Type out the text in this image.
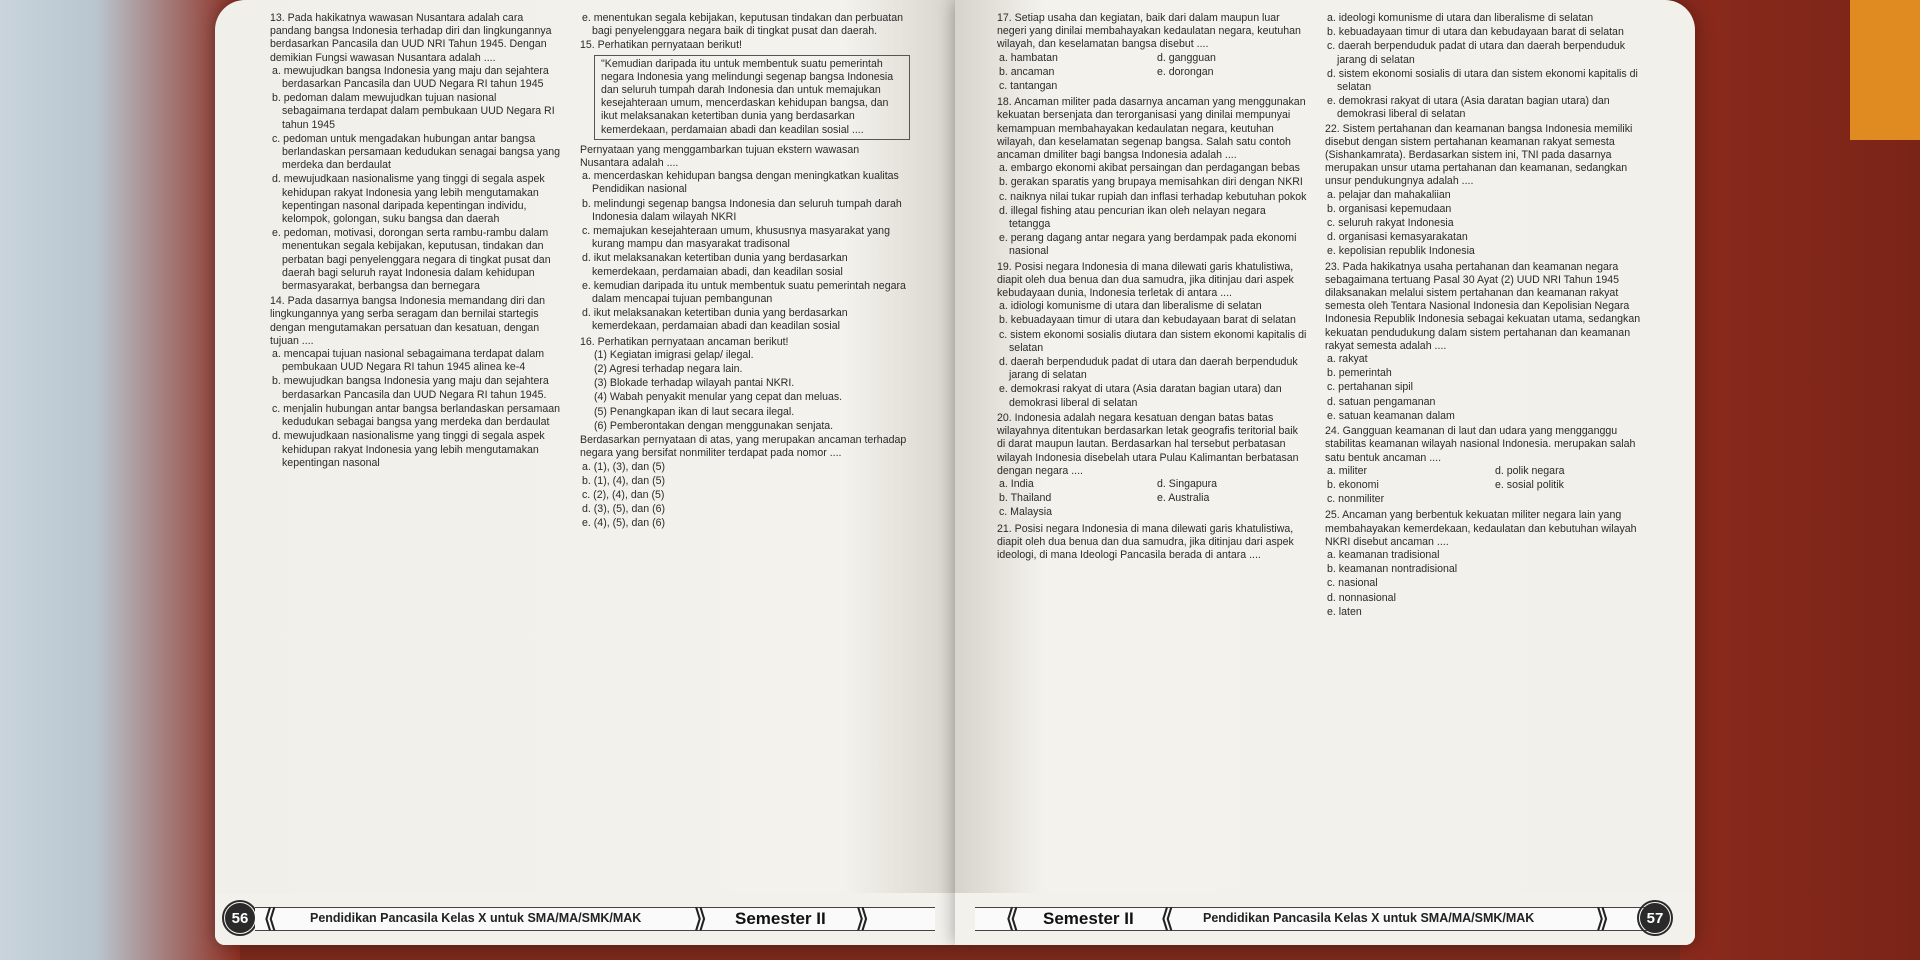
13. Pada hakikatnya wawasan Nusantara adalah cara pandang bangsa Indonesia terhadap diri dan lingkungannya berdasarkan Pancasila dan UUD NRI Tahun 1945. Dengan demikian Fungsi wawasan Nusantara adalah ....
a. mewujudkan bangsa Indonesia yang maju dan sejahtera berdasarkan Pancasila dan UUD Negara RI tahun 1945
b. pedoman dalam mewujudkan tujuan nasional sebagaimana terdapat dalam pembukaan UUD Negara RI tahun 1945
c. pedoman untuk mengadakan hubungan antar bangsa berlandaskan persamaan kedudukan senagai bangsa yang merdeka dan berdaulat
d. mewujudkaan nasionalisme yang tinggi di segala aspek kehidupan rakyat Indonesia yang lebih mengutamakan kepentingan nasonal daripada kepentingan individu, kelompok, golongan, suku bangsa dan daerah
e. pedoman, motivasi, dorongan serta rambu-rambu dalam menentukan segala kebijakan, keputusan, tindakan dan perbatan bagi penyelenggara negara di tingkat pusat dan daerah bagi seluruh rayat Indonesia dalam kehidupan bermasyarakat, berbangsa dan bernegara
14. Pada dasarnya bangsa Indonesia memandang diri dan lingkungannya yang serba seragam dan bernilai startegis dengan mengutamakan persatuan dan kesatuan, dengan tujuan ....
a. mencapai tujuan nasional sebagaimana terdapat dalam pembukaan UUD Negara RI tahun 1945 alinea ke-4
b. mewujudkan bangsa Indonesia yang maju dan sejahtera berdasarkan Pancasila dan UUD Negara RI tahun 1945.
c. menjalin hubungan antar bangsa berlandaskan persamaan kedudukan sebagai bangsa yang merdeka dan berdaulat
d. mewujudkaan nasionalisme yang tinggi di segala aspek kehidupan rakyat Indonesia yang lebih mengutamakan kepentingan nasonal
e. menentukan segala kebijakan, keputusan tindakan dan perbuatan bagi penyelenggara negara baik di tingkat pusat dan daerah.
15. Perhatikan pernyataan berikut!
"Kemudian daripada itu untuk membentuk suatu pemerintah negara Indonesia yang melindungi segenap bangsa Indonesia dan seluruh tumpah darah Indonesia dan untuk memajukan kesejahteraan umum, mencerdaskan kehidupan bangsa, dan ikut melaksanakan ketertiban dunia yang berdasarkan kemerdekaan, perdamaian abadi dan keadilan sosial ....
Pernyataan yang menggambarkan tujuan ekstern wawasan Nusantara adalah ....
a. mencerdaskan kehidupan bangsa dengan meningkatkan kualitas Pendidikan nasional
b. melindungi segenap bangsa Indonesia dan seluruh tumpah darah Indonesia dalam wilayah NKRI
c. memajukan kesejahteraan umum, khususnya masyarakat yang kurang mampu dan masyarakat tradisonal
d. ikut melaksanakan ketertiban dunia yang berdasarkan kemerdekaan, perdamaian abadi, dan keadilan sosial
e. kemudian daripada itu untuk membentuk suatu pemerintah negara dalam mencapai tujuan pembangunan
d. ikut melaksanakan ketertiban dunia yang berdasarkan kemerdekaan, perdamaian abadi dan keadilan sosial
16. Perhatikan pernyataan ancaman berikut!
(1) Kegiatan imigrasi gelap/ ilegal.
(2) Agresi terhadap negara lain.
(3) Blokade terhadap wilayah pantai NKRI.
(4) Wabah penyakit menular yang cepat dan meluas.
(5) Penangkapan ikan di laut secara ilegal.
(6) Pemberontakan dengan menggunakan senjata.
Berdasarkan pernyataan di atas, yang merupakan ancaman terhadap negara yang bersifat nonmiliter terdapat pada nomor ....
a. (1), (3), dan (5)
b. (1), (4), dan (5)
c. (2), (4), dan (5)
d. (3), (5), dan (6)
e. (4), (5), dan (6)
56 ⟪	Pendidikan Pancasila Kelas X untuk SMA/MA/SMK/MAK ⟫ Semester II ⟫
17. Setiap usaha dan kegiatan, baik dari dalam maupun luar negeri yang dinilai membahayakan kedaulatan negara, keutuhan wilayah, dan keselamatan bangsa disebut ....
a. hambatan	d. gangguan
b. ancaman	e. dorongan
c. tantangan
18. Ancaman militer pada dasarnya ancaman yang menggunakan kekuatan bersenjata dan terorganisasi yang dinilai mempunyai kemampuan membahayakan kedaulatan negara, keutuhan wilayah, dan keselamatan segenap bangsa. Salah satu contoh ancaman dmiliter bagi bangsa Indonesia adalah ....
a. embargo ekonomi akibat persaingan dan perdagangan bebas
b. gerakan sparatis yang brupaya memisahkan diri dengan NKRI
c. naiknya nilai tukar rupiah dan inflasi terhadap kebutuhan pokok
d. illegal fishing atau pencurian ikan oleh nelayan negara tetangga
e. perang dagang antar negara yang berdampak pada ekonomi nasional
19. Posisi negara Indonesia di mana dilewati garis khatulistiwa, diapit oleh dua benua dan dua samudra, jika ditinjau dari aspek kebudayaan dunia, Indonesia terletak di antara ....
a. idiologi komunisme di utara dan liberalisme di selatan
b. kebuadayaan timur di utara dan kebudayaan barat di selatan
c. sistem ekonomi sosialis diutara dan sistem ekonomi kapitalis di selatan
d. daerah berpenduduk padat di utara dan daerah berpenduduk jarang di selatan
e. demokrasi rakyat di utara (Asia daratan bagian utara) dan demokrasi liberal di selatan
20. Indonesia adalah negara kesatuan dengan batas batas wilayahnya ditentukan berdasarkan letak geografis teritorial baik di darat maupun lautan. Berdasarkan hal tersebut perbatasan wilayah Indonesia disebelah utara Pulau Kalimantan berbatasan dengan negara ....
a. India	d. Singapura
b. Thailand	e. Australia
c. Malaysia
21. Posisi negara Indonesia di mana dilewati garis khatulistiwa, diapit oleh dua benua dan dua samudra, jika ditinjau dari aspek ideologi, di mana Ideologi Pancasila berada di antara ....
a. ideologi komunisme di utara dan liberalisme di selatan
b. kebuadayaan timur di utara dan kebudayaan barat di selatan
c. daerah berpenduduk padat di utara dan daerah berpenduduk jarang di selatan
d. sistem ekonomi sosialis di utara dan sistem ekonomi kapitalis di selatan
e. demokrasi rakyat di utara (Asia daratan bagian utara) dan demokrasi liberal di selatan
22. Sistem pertahanan dan keamanan bangsa Indonesia memiliki disebut dengan sistem pertahanan keamanan rakyat semesta (Sishankamrata). Berdasarkan sistem ini, TNI pada dasarnya merupakan unsur utama pertahanan dan keamanan, sedangkan unsur pendukungnya adalah ....
a. pelajar dan mahakaliian
b. organisasi kepemudaan
c. seluruh rakyat Indonesia
d. organisasi kemasyarakatan
e. kepolisian republik Indonesia
23. Pada hakikatnya usaha pertahanan dan keamanan negara sebagaimana tertuang Pasal 30 Ayat (2) UUD NRI Tahun 1945 dilaksanakan melalui sistem pertahanan dan keamanan rakyat semesta oleh Tentara Nasional Indonesia dan Kepolisian Negara Indonesia Republik Indonesia sebagai kekuatan utama, sedangkan kekuatan pendudukung dalam sistem pertahanan dan keamanan rakyat semesta adalah ....
a. rakyat
b. pemerintah
c. pertahanan sipil
d. satuan pengamanan
e. satuan keamanan dalam
24. Gangguan keamanan di laut dan udara yang mengganggu stabilitas keamanan wilayah nasional Indonesia. merupakan salah satu bentuk ancaman ....
a. militer	d. polik negara
b. ekonomi	e. sosial politik
c. nonmiliter
25. Ancaman yang berbentuk kekuatan militer negara lain yang membahayakan kemerdekaan, kedaulatan dan kebutuhan wilayah NKRI disebut ancaman ....
a. keamanan tradisional
b. keamanan nontradisional
c. nasional
d. nonnasional
e. laten
⟪ Semester II ⟪ Pendidikan Pancasila Kelas X untuk SMA/MA/SMK/MAK ⟫	57
